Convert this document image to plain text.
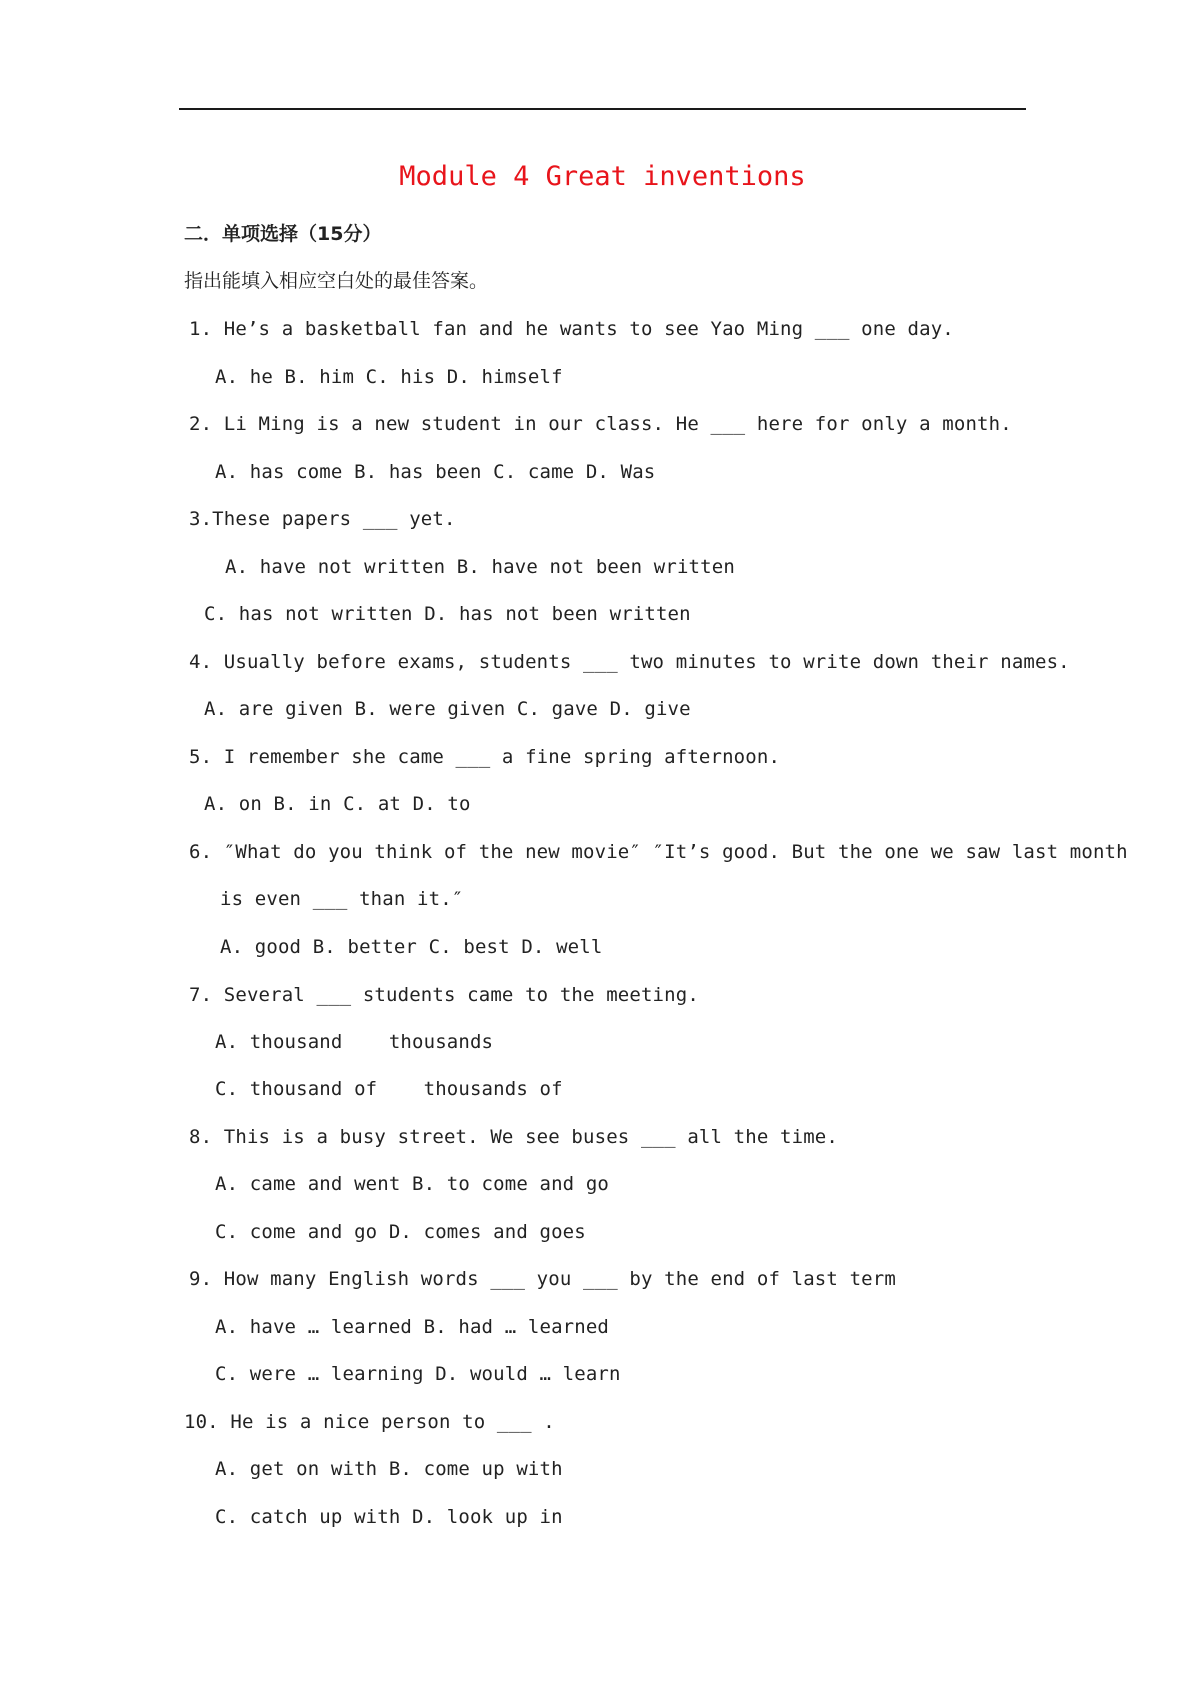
Module 4 Great inventions
二．单项选择（15分）
指出能填入相应空白处的最佳答案。
1. He’s a basketball fan and he wants to see Yao Ming ___ one day.
A. he B. him C. his D. himself
2. Li Ming is a new student in our class. He ___ here for only a month.
A. has come B. has been C. came D. Was
3.These papers ___ yet.
A. have not written B. have not been written
C. has not written D. has not been written
4. Usually before exams, students ___ two minutes to write down their names.
A. are given B. were given C. gave D. give
5. I remember she came ___ a fine spring afternoon.
A. on B. in C. at D. to
6. ″What do you think of the new movie″ ″It’s good. But the one we saw last month
is even ___ than it.″
A. good B. better C. best D. well
7. Several ___ students came to the meeting.
A. thousand    thousands
C. thousand of    thousands of
8. This is a busy street. We see buses ___ all the time.
A. came and went B. to come and go
C. come and go D. comes and goes
9. How many English words ___ you ___ by the end of last term
A. have … learned B. had … learned
C. were … learning D. would … learn
10. He is a nice person to ___ .
A. get on with B. come up with
C. catch up with D. look up in
